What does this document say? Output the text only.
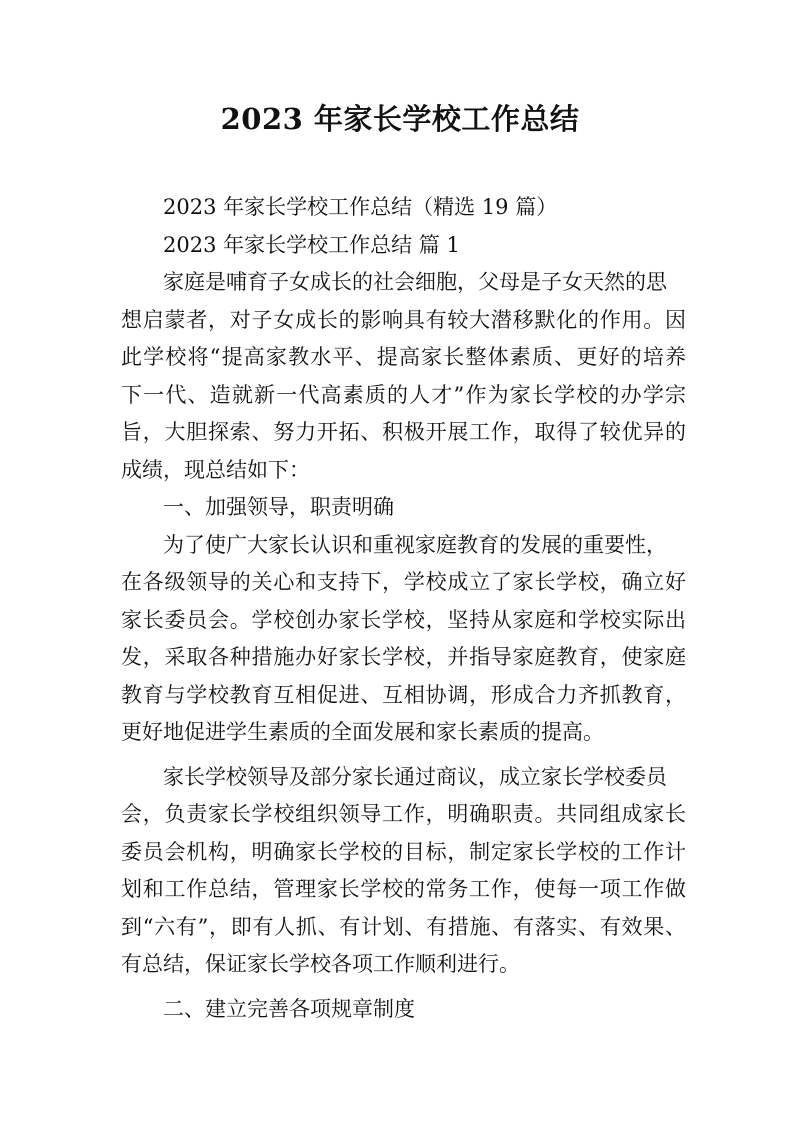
2023 年家长学校工作总结
2023 年家长学校工作总结（精选 19 篇）
2023 年家长学校工作总结 篇 1
家庭是哺育子女成长的社会细胞，父母是子女天然的思
想启蒙者，对子女成长的影响具有较大潜移默化的作用。因
此学校将“提高家教水平、提高家长整体素质、更好的培养
下一代、造就新一代高素质的人才”作为家长学校的办学宗
旨，大胆探索、努力开拓、积极开展工作，取得了较优异的
成绩，现总结如下：
一、加强领导，职责明确
为了使广大家长认识和重视家庭教育的发展的重要性，
在各级领导的关心和支持下，学校成立了家长学校，确立好
家长委员会。学校创办家长学校，坚持从家庭和学校实际出
发，采取各种措施办好家长学校，并指导家庭教育，使家庭
教育与学校教育互相促进、互相协调，形成合力齐抓教育，
更好地促进学生素质的全面发展和家长素质的提高。
家长学校领导及部分家长通过商议，成立家长学校委员
会，负责家长学校组织领导工作，明确职责。共同组成家长
委员会机构，明确家长学校的目标，制定家长学校的工作计
划和工作总结，管理家长学校的常务工作，使每一项工作做
到“六有”，即有人抓、有计划、有措施、有落实、有效果、
有总结，保证家长学校各项工作顺利进行。
二、建立完善各项规章制度
